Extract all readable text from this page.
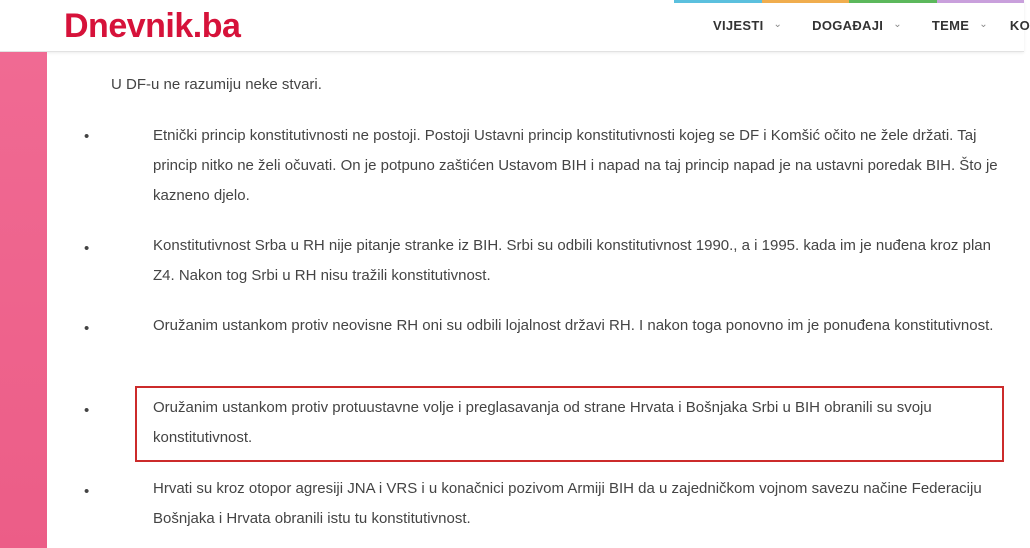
Dnevnik.ba	VIJESTI ⌄ DOGAĐAJI ⌄ TEME ⌄ KO
U DF-u ne razumiju neke stvari.
•	Etnički princip konstitutivnosti ne postoji. Postoji Ustavni princip konstitutivnosti kojeg se DF i Komšić očito ne žele držati. Taj princip nitko ne želi očuvati. On je potpuno zaštićen Ustavom BIH i napad na taj princip napad je na ustavni poredak BIH. Što je kazneno djelo.
•	Konstitutivnost Srba u RH nije pitanje stranke iz BIH. Srbi su odbili konstitutivnost 1990., a i 1995. kada im je nuđena kroz plan Z4. Nakon tog Srbi u RH nisu tražili konstitutivnost.
•	Oružanim ustankom protiv neovisne RH oni su odbili lojalnost državi RH. I nakon toga ponovno im je ponuđena konstitutivnost.
•	Oružanim ustankom protiv protuustavne volje i preglasavanja od strane Hrvata i Bošnjaka Srbi u BIH obranili su svoju konstitutivnost.
•	Hrvati su kroz otopor agresiji JNA i VRS i u konačnici pozivom Armiji BIH da u zajedničkom vojnom savezu načine Federaciju Bošnjaka i Hrvata obranili istu tu konstitutivnost.
